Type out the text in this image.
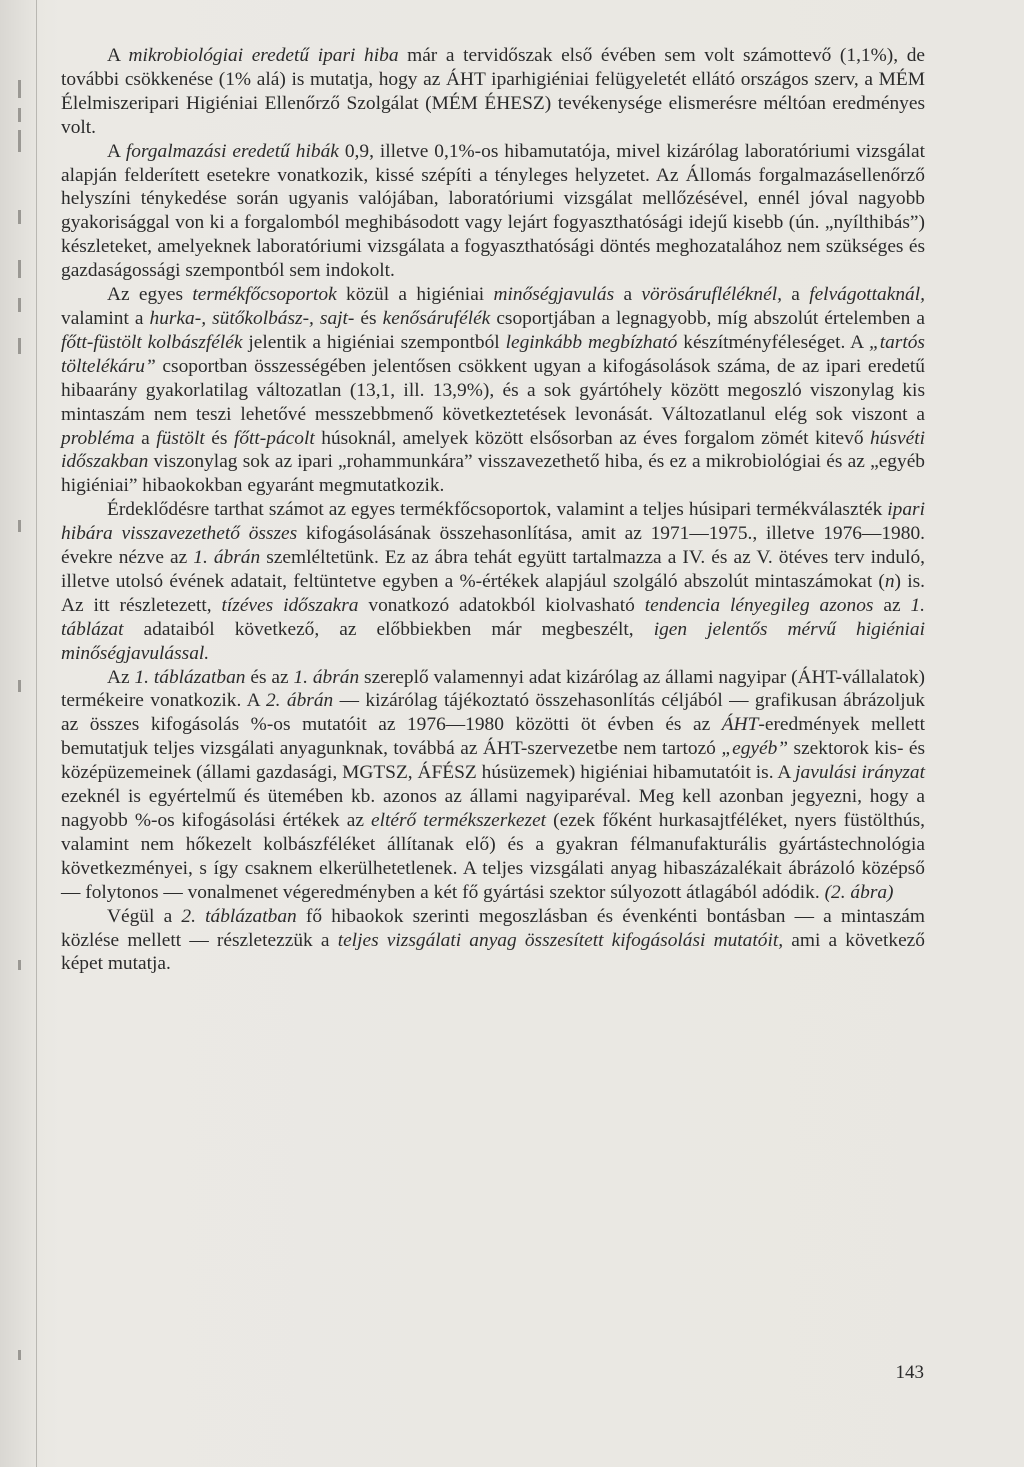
A mikrobiológiai eredetű ipari hiba már a tervidőszak első évében sem volt számottevő (1,1%), de további csökkenése (1% alá) is mutatja, hogy az ÁHT iparhigiéniai felügyeletét ellátó országos szerv, a MÉM Élelmiszeripari Higiéniai Ellenőrző Szolgálat (MÉM ÉHESZ) tevékenysége elismerésre méltóan eredményes volt.

A forgalmazási eredetű hibák 0,9, illetve 0,1%-os hibamutatója, mivel kizárólag laboratóriumi vizsgálat alapján felderített esetekre vonatkozik, kissé szépíti a tényleges helyzetet. Az Állomás forgalmazásellenőrző helyszíni ténykedése során ugyanis valójában, laboratóriumi vizsgálat mellőzésével, ennél jóval nagyobb gyakorisággal von ki a forgalomból meghibásodott vagy lejárt fogyaszthatósági idejű kisebb (ún. „nyílthibás”) készleteket, amelyeknek laboratóriumi vizsgálata a fogyaszthatósági döntés meghozatalához nem szükséges és gazdaságossági szempontból sem indokolt.

Az egyes termékfőcsoportok közül a higiéniai minőségjavulás a vörösárufléléknél, a felvágottaknál, valamint a hurka-, sütőkolbász-, sajt- és kenősárufélék csoportjában a legnagyobb, míg abszolút értelemben a főtt-füstölt kolbászfélék jelentik a higiéniai szempontból leginkább megbízható készítményféleséget. A „tartós töltelékáru” csoportban összességében jelentősen csökkent ugyan a kifogásolások száma, de az ipari eredetű hibaarány gyakorlatilag változatlan (13,1, ill. 13,9%), és a sok gyártóhely között megoszló viszonylag kis mintaszám nem teszi lehetővé messzebbmenő következtetések levonását. Változatlanul elég sok viszont a probléma a füstölt és főtt-pácolt húsoknál, amelyek között elsősorban az éves forgalom zömét kitevő húsvéti időszakban viszonylag sok az ipari „rohammunkára” visszavezethető hiba, és ez a mikrobiológiai és az „egyéb higiéniai” hibaokokban egyaránt megmutatkozik.

Érdeklődésre tarthat számot az egyes termékfőcsoportok, valamint a teljes húsipari termékválaszték ipari hibára visszavezethető összes kifogásolásának összehasonlítása, amit az 1971—1975., illetve 1976—1980. évekre nézve az 1. ábrán szemléltetünk. Ez az ábra tehát együtt tartalmazza a IV. és az V. ötéves terv induló, illetve utolsó évének adatait, feltüntetve egyben a %-értékek alapjául szolgáló abszolút mintaszámokat (n) is. Az itt részletezett, tízéves időszakra vonatkozó adatokból kiolvasható tendencia lényegileg azonos az 1. táblázat adataiból következő, az előbbiekben már megbeszélt, igen jelentős mérvű higiéniai minőségjavulással.

Az 1. táblázatban és az 1. ábrán szereplő valamennyi adat kizárólag az állami nagyipar (ÁHT-vállalatok) termékeire vonatkozik. A 2. ábrán — kizárólag tájékoztató összehasonlítás céljából — grafikusan ábrázoljuk az összes kifogásolás %-os mutatóit az 1976—1980 közötti öt évben és az ÁHT-eredmények mellett bemutatjuk teljes vizsgálati anyagunknak, továbbá az ÁHT-szervezetbe nem tartozó „egyéb” szektorok kis- és középüzemeinek (állami gazdasági, MGTSZ, ÁFÉSZ húsüzemek) higiéniai hibamutatóit is. A javulási irányzat ezeknél is egyértelmű és ütemében kb. azonos az állami nagyiparéval. Meg kell azonban jegyezni, hogy a nagyobb %-os kifogásolási értékek az eltérő termékszerkezet (ezek főként hurkasajtféléket, nyers füstölthús, valamint nem hőkezelt kolbászféléket állítanak elő) és a gyakran félmanufakturális gyártástechnológia következményei, s így csaknem elkerülhetetlenek. A teljes vizsgálati anyag hibaszázalékait ábrázoló középső — folytonos — vonalmenet végeredményben a két fő gyártási szektor súlyozott átlagából adódik. (2. ábra)

Végül a 2. táblázatban fő hibaokok szerinti megoszlásban és évenkénti bontásban — a mintaszám közlése mellett — részletezzük a teljes vizsgálati anyag összesített kifogásolási mutatóit, ami a következő képet mutatja.

143
